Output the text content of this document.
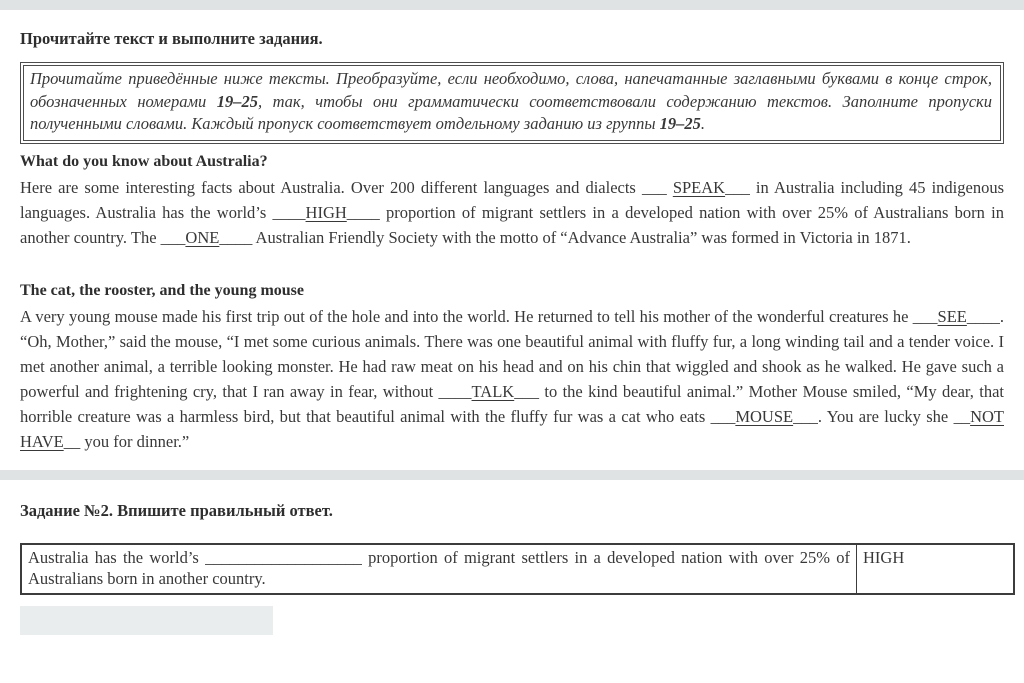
Прочитайте текст и выполните задания.
Прочитайте приведённые ниже тексты. Преобразуйте, если необходимо, слова, напечатанные заглавными буквами в конце строк, обозначенных номерами 19–25, так, чтобы они грамматически соответствовали содержанию текстов. Заполните пропуски полученными словами. Каждый пропуск соответствует отдельному заданию из группы 19–25.
What do you know about Australia?

Here are some interesting facts about Australia. Over 200 different languages and dialects ___ SPEAK___ in Australia including 45 indigenous languages. Australia has the world’s ____HIGH____ proportion of migrant settlers in a developed nation with over 25% of Australians born in another country. The ___ONE____ Australian Friendly Society with the motto of “Advance Australia” was formed in Victoria in 1871.

The cat, the rooster, and the young mouse

A very young mouse made his first trip out of the hole and into the world. He returned to tell his mother of the wonderful creatures he ___SEE____. “Oh, Mother,” said the mouse, “I met some curious animals. There was one beautiful animal with fluffy fur, a long winding tail and a tender voice. I met another animal, a terrible looking monster. He had raw meat on his head and on his chin that wiggled and shook as he walked. He gave such a powerful and frightening cry, that I ran away in fear, without ____TALK___ to the kind beautiful animal.” Mother Mouse smiled, “My dear, that horrible creature was a harmless bird, but that beautiful animal with the fluffy fur was a cat who eats ___MOUSE___. You are lucky she __NOT HAVE__ you for dinner.”

Задание №2. Впишите правильный ответ.
Australia has the world’s ___________________ proportion of migrant settlers in a developed nation with over 25% of Australians born in another country.	HIGH
